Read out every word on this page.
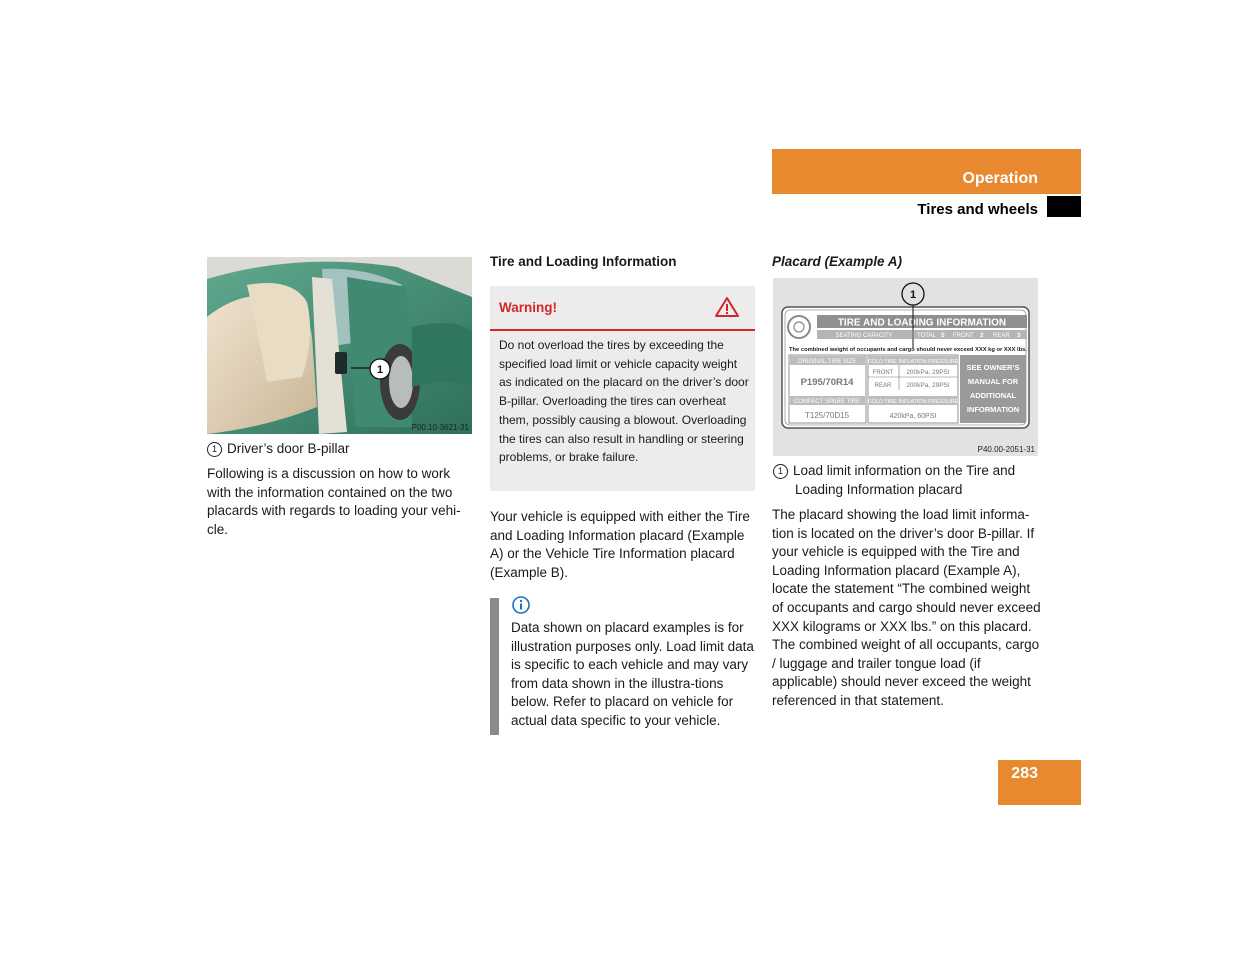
Operation
Tires and wheels
1
P00.10-3621-31
1 Driver’s door B-pillar
Following is a discussion on how to work with the information contained on the two placards with regards to loading your vehi-cle.
Tire and Loading Information
Warning!
Do not overload the tires by exceeding the specified load limit or vehicle capacity weight as indicated on the placard on the driver’s door B-pillar. Overloading the tires can overheat them, possibly causing a blowout. Overloading the tires can also result in handling or steering problems, or brake failure.
Your vehicle is equipped with either the Tire and Loading Information placard (Example A) or the Vehicle Tire Information placard (Example B).
Data shown on placard examples is for illustration purposes only. Load limit data is specific to each vehicle and may vary from data shown in the illustra-tions below. Refer to placard on vehicle for actual data specific to your vehicle.
Placard (Example A)
TIRE AND LOADING INFORMATION
SEATING CAPACITY	TOTAL 5 FRONT 2 REAR 3
The combined weight of occupants and cargo should never exceed XXX kg or XXX lbs.
ORIGINAL TIRE SIZE
P195/70R14
COMPACT SPARE TIRE
T125/70D15
COLD TIRE INFLATION PRESSURE
FRONT 200kPa, 29PSI
REAR 200kPa, 29PSI
COLD TIRE INFLATION PRESSURE
420kPa, 60PSI
SEE OWNER’S
MANUAL FOR
ADDITIONAL
INFORMATION
1
P40.00-2051-31
1 Load limit information on the Tire and Loading Information placard
The placard showing the load limit informa-tion is located on the driver’s door B-pillar. If your vehicle is equipped with the Tire and Loading Information placard (Example A), locate the statement “The combined weight of occupants and cargo should never exceed XXX kilograms or XXX lbs.” on this placard. The combined weight of all occupants, cargo / luggage and trailer tongue load (if applicable) should never exceed the weight referenced in that statement.
283
